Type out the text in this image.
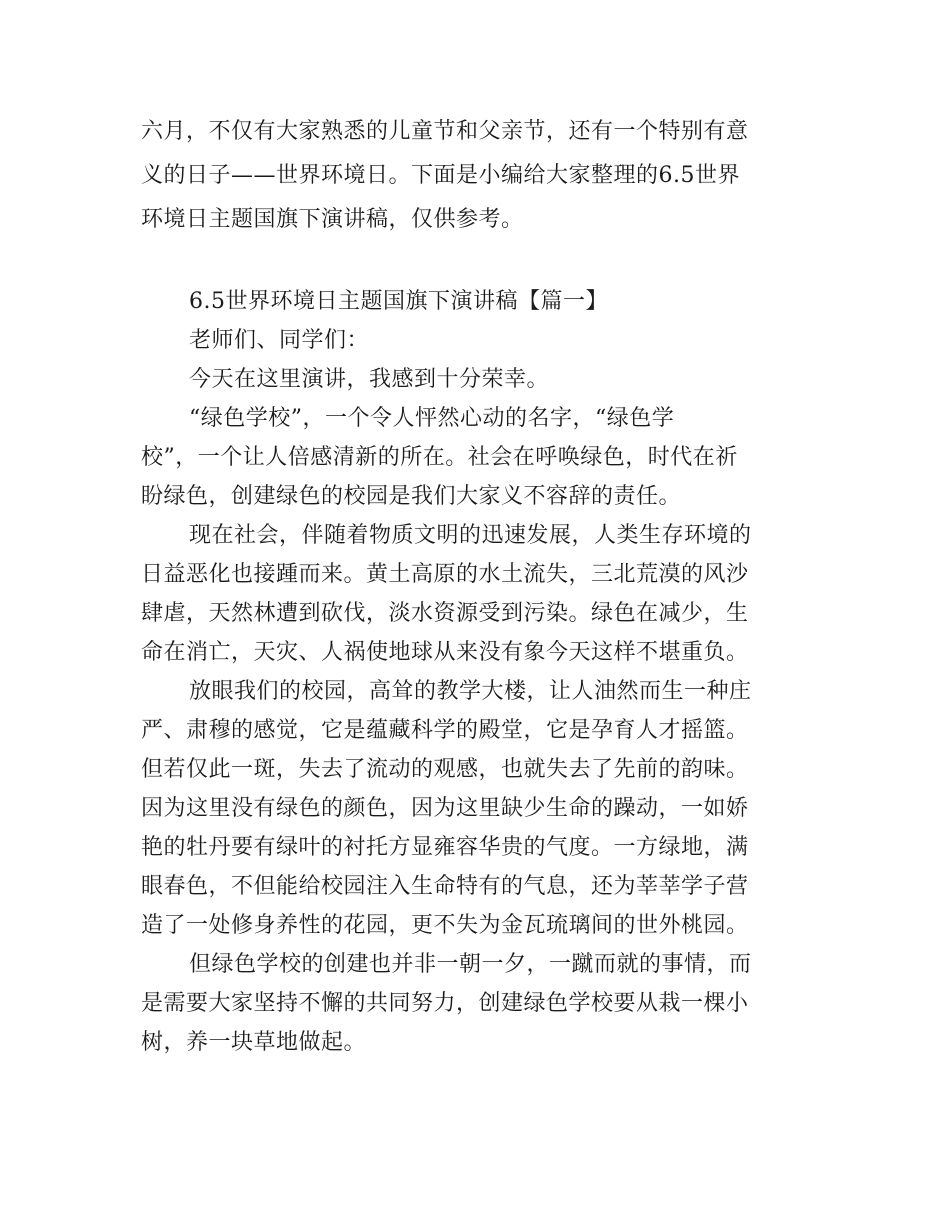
六月，不仅有大家熟悉的儿童节和父亲节，还有一个特别有意
义的日子——世界环境日。下面是小编给大家整理的6.5世界
环境日主题国旗下演讲稿，仅供参考。

6.5世界环境日主题国旗下演讲稿【篇一】

老师们、同学们：

今天在这里演讲，我感到十分荣幸。
“绿色学校”，一个令人怦然心动的名字，“绿色学
校”，一个让人倍感清新的所在。社会在呼唤绿色，时代在祈
盼绿色，创建绿色的校园是我们大家义不容辞的责任。
现在社会，伴随着物质文明的迅速发展，人类生存环境的
日益恶化也接踵而来。黄土高原的水土流失，三北荒漠的风沙
肆虐，天然林遭到砍伐，淡水资源受到污染。绿色在减少，生
命在消亡，天灾、人祸使地球从来没有象今天这样不堪重负。
放眼我们的校园，高耸的教学大楼，让人油然而生一种庄
严、肃穆的感觉，它是蕴藏科学的殿堂，它是孕育人才摇篮。
但若仅此一斑，失去了流动的观感，也就失去了先前的韵味。
因为这里没有绿色的颜色，因为这里缺少生命的躁动，一如娇
艳的牡丹要有绿叶的衬托方显雍容华贵的气度。一方绿地，满
眼春色，不但能给校园注入生命特有的气息，还为莘莘学子营
造了一处修身养性的花园，更不失为金瓦琉璃间的世外桃园。
但绿色学校的创建也并非一朝一夕，一蹴而就的事情，而
是需要大家坚持不懈的共同努力，创建绿色学校要从栽一棵小
树，养一块草地做起。
